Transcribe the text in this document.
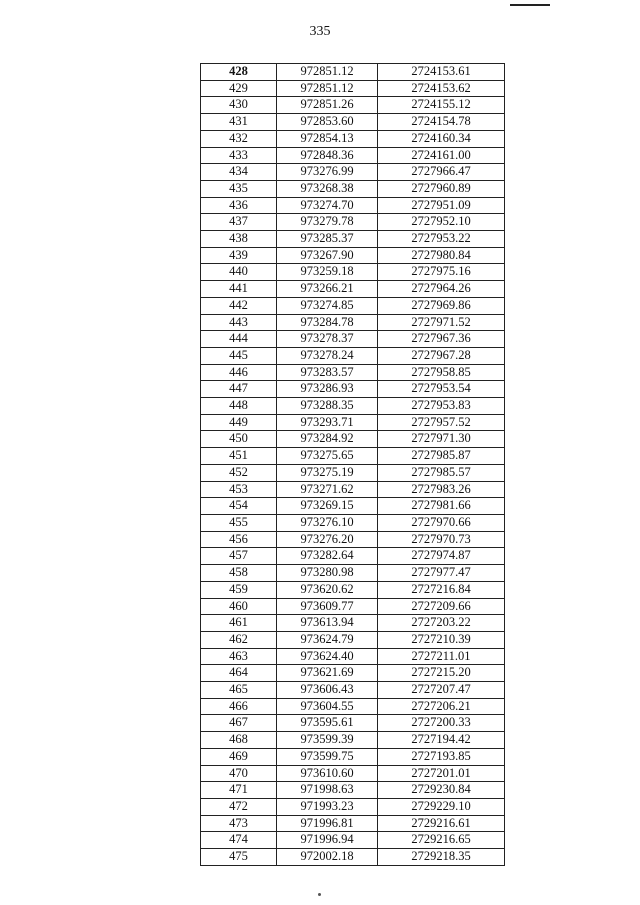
335
428	972851.12	2724153.61
429	972851.12	2724153.62
430	972851.26	2724155.12
431	972853.60	2724154.78
432	972854.13	2724160.34
433	972848.36	2724161.00
434	973276.99	2727966.47
435	973268.38	2727960.89
436	973274.70	2727951.09
437	973279.78	2727952.10
438	973285.37	2727953.22
439	973267.90	2727980.84
440	973259.18	2727975.16
441	973266.21	2727964.26
442	973274.85	2727969.86
443	973284.78	2727971.52
444	973278.37	2727967.36
445	973278.24	2727967.28
446	973283.57	2727958.85
447	973286.93	2727953.54
448	973288.35	2727953.83
449	973293.71	2727957.52
450	973284.92	2727971.30
451	973275.65	2727985.87
452	973275.19	2727985.57
453	973271.62	2727983.26
454	973269.15	2727981.66
455	973276.10	2727970.66
456	973276.20	2727970.73
457	973282.64	2727974.87
458	973280.98	2727977.47
459	973620.62	2727216.84
460	973609.77	2727209.66
461	973613.94	2727203.22
462	973624.79	2727210.39
463	973624.40	2727211.01
464	973621.69	2727215.20
465	973606.43	2727207.47
466	973604.55	2727206.21
467	973595.61	2727200.33
468	973599.39	2727194.42
469	973599.75	2727193.85
470	973610.60	2727201.01
471	971998.63	2729230.84
472	971993.23	2729229.10
473	971996.81	2729216.61
474	971996.94	2729216.65
475	972002.18	2729218.35
